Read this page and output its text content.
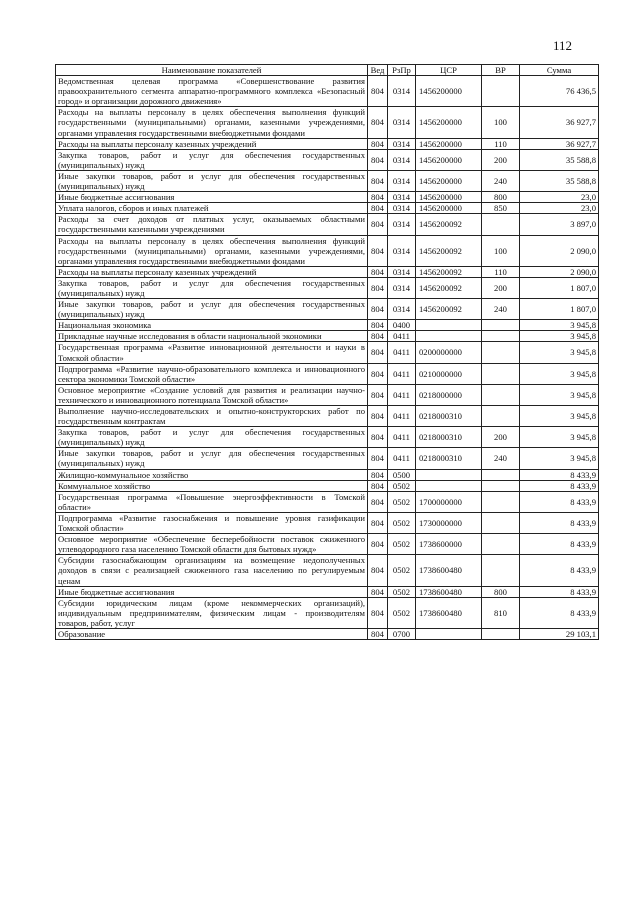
112
Наименование показателей	Вед	РзПр	ЦСР	ВР	Сумма
Ведомственная целевая программа «Совершенствование развития правоохранительного сегмента аппаратно-программного комплекса «Безопасный город» и организации дорожного движения»	804	0314	1456200000		76 436,5
Расходы на выплаты персоналу в целях обеспечения выполнения функций государственными (муниципальными) органами, казенными учреждениями, органами управления государственными внебюджетными фондами	804	0314	1456200000	100	36 927,7
Расходы на выплаты персоналу казенных учреждений	804	0314	1456200000	110	36 927,7
Закупка товаров, работ и услуг для обеспечения государственных (муниципальных) нужд	804	0314	1456200000	200	35 588,8
Иные закупки товаров, работ и услуг для обеспечения государственных (муниципальных) нужд	804	0314	1456200000	240	35 588,8
Иные бюджетные ассигнования	804	0314	1456200000	800	23,0
Уплата налогов, сборов и иных платежей	804	0314	1456200000	850	23,0
Расходы за счет доходов от платных услуг, оказываемых областными государственными казенными учреждениями	804	0314	1456200092		3 897,0
Расходы на выплаты персоналу в целях обеспечения выполнения функций государственными (муниципальными) органами, казенными учреждениями, органами управления государственными внебюджетными фондами	804	0314	1456200092	100	2 090,0
Расходы на выплаты персоналу казенных учреждений	804	0314	1456200092	110	2 090,0
Закупка товаров, работ и услуг для обеспечения государственных (муниципальных) нужд	804	0314	1456200092	200	1 807,0
Иные закупки товаров, работ и услуг для обеспечения государственных (муниципальных) нужд	804	0314	1456200092	240	1 807,0
Национальная экономика	804	0400			3 945,8
Прикладные научные исследования в области национальной экономики	804	0411			3 945,8
Государственная программа «Развитие инновационной деятельности и науки в Томской области»	804	0411	0200000000		3 945,8
Подпрограмма «Развитие научно-образовательного комплекса и инновационного сектора экономики Томской области»	804	0411	0210000000		3 945,8
Основное мероприятие «Создание условий для развития и реализации научно-технического и инновационного потенциала Томской области»	804	0411	0218000000		3 945,8
Выполнение научно-исследовательских и опытно-конструкторских работ по государственным контрактам	804	0411	0218000310		3 945,8
Закупка товаров, работ и услуг для обеспечения государственных (муниципальных) нужд	804	0411	0218000310	200	3 945,8
Иные закупки товаров, работ и услуг для обеспечения государственных (муниципальных) нужд	804	0411	0218000310	240	3 945,8
Жилищно-коммунальное хозяйство	804	0500			8 433,9
Коммунальное хозяйство	804	0502			8 433,9
Государственная программа «Повышение энергоэффективности в Томской области»	804	0502	1700000000		8 433,9
Подпрограмма «Развитие газоснабжения и повышение уровня газификации Томской области»	804	0502	1730000000		8 433,9
Основное мероприятие «Обеспечение бесперебойности поставок сжиженного углеводородного газа населению Томской области для бытовых нужд»	804	0502	1738600000		8 433,9
Субсидии газоснабжающим организациям на возмещение недополученных доходов в связи с реализацией сжиженного газа населению по регулируемым ценам	804	0502	1738600480		8 433,9
Иные бюджетные ассигнования	804	0502	1738600480	800	8 433,9
Субсидии юридическим лицам (кроме некоммерческих организаций), индивидуальным предпринимателям, физическим лицам - производителям товаров, работ, услуг	804	0502	1738600480	810	8 433,9
Образование	804	0700			29 103,1
